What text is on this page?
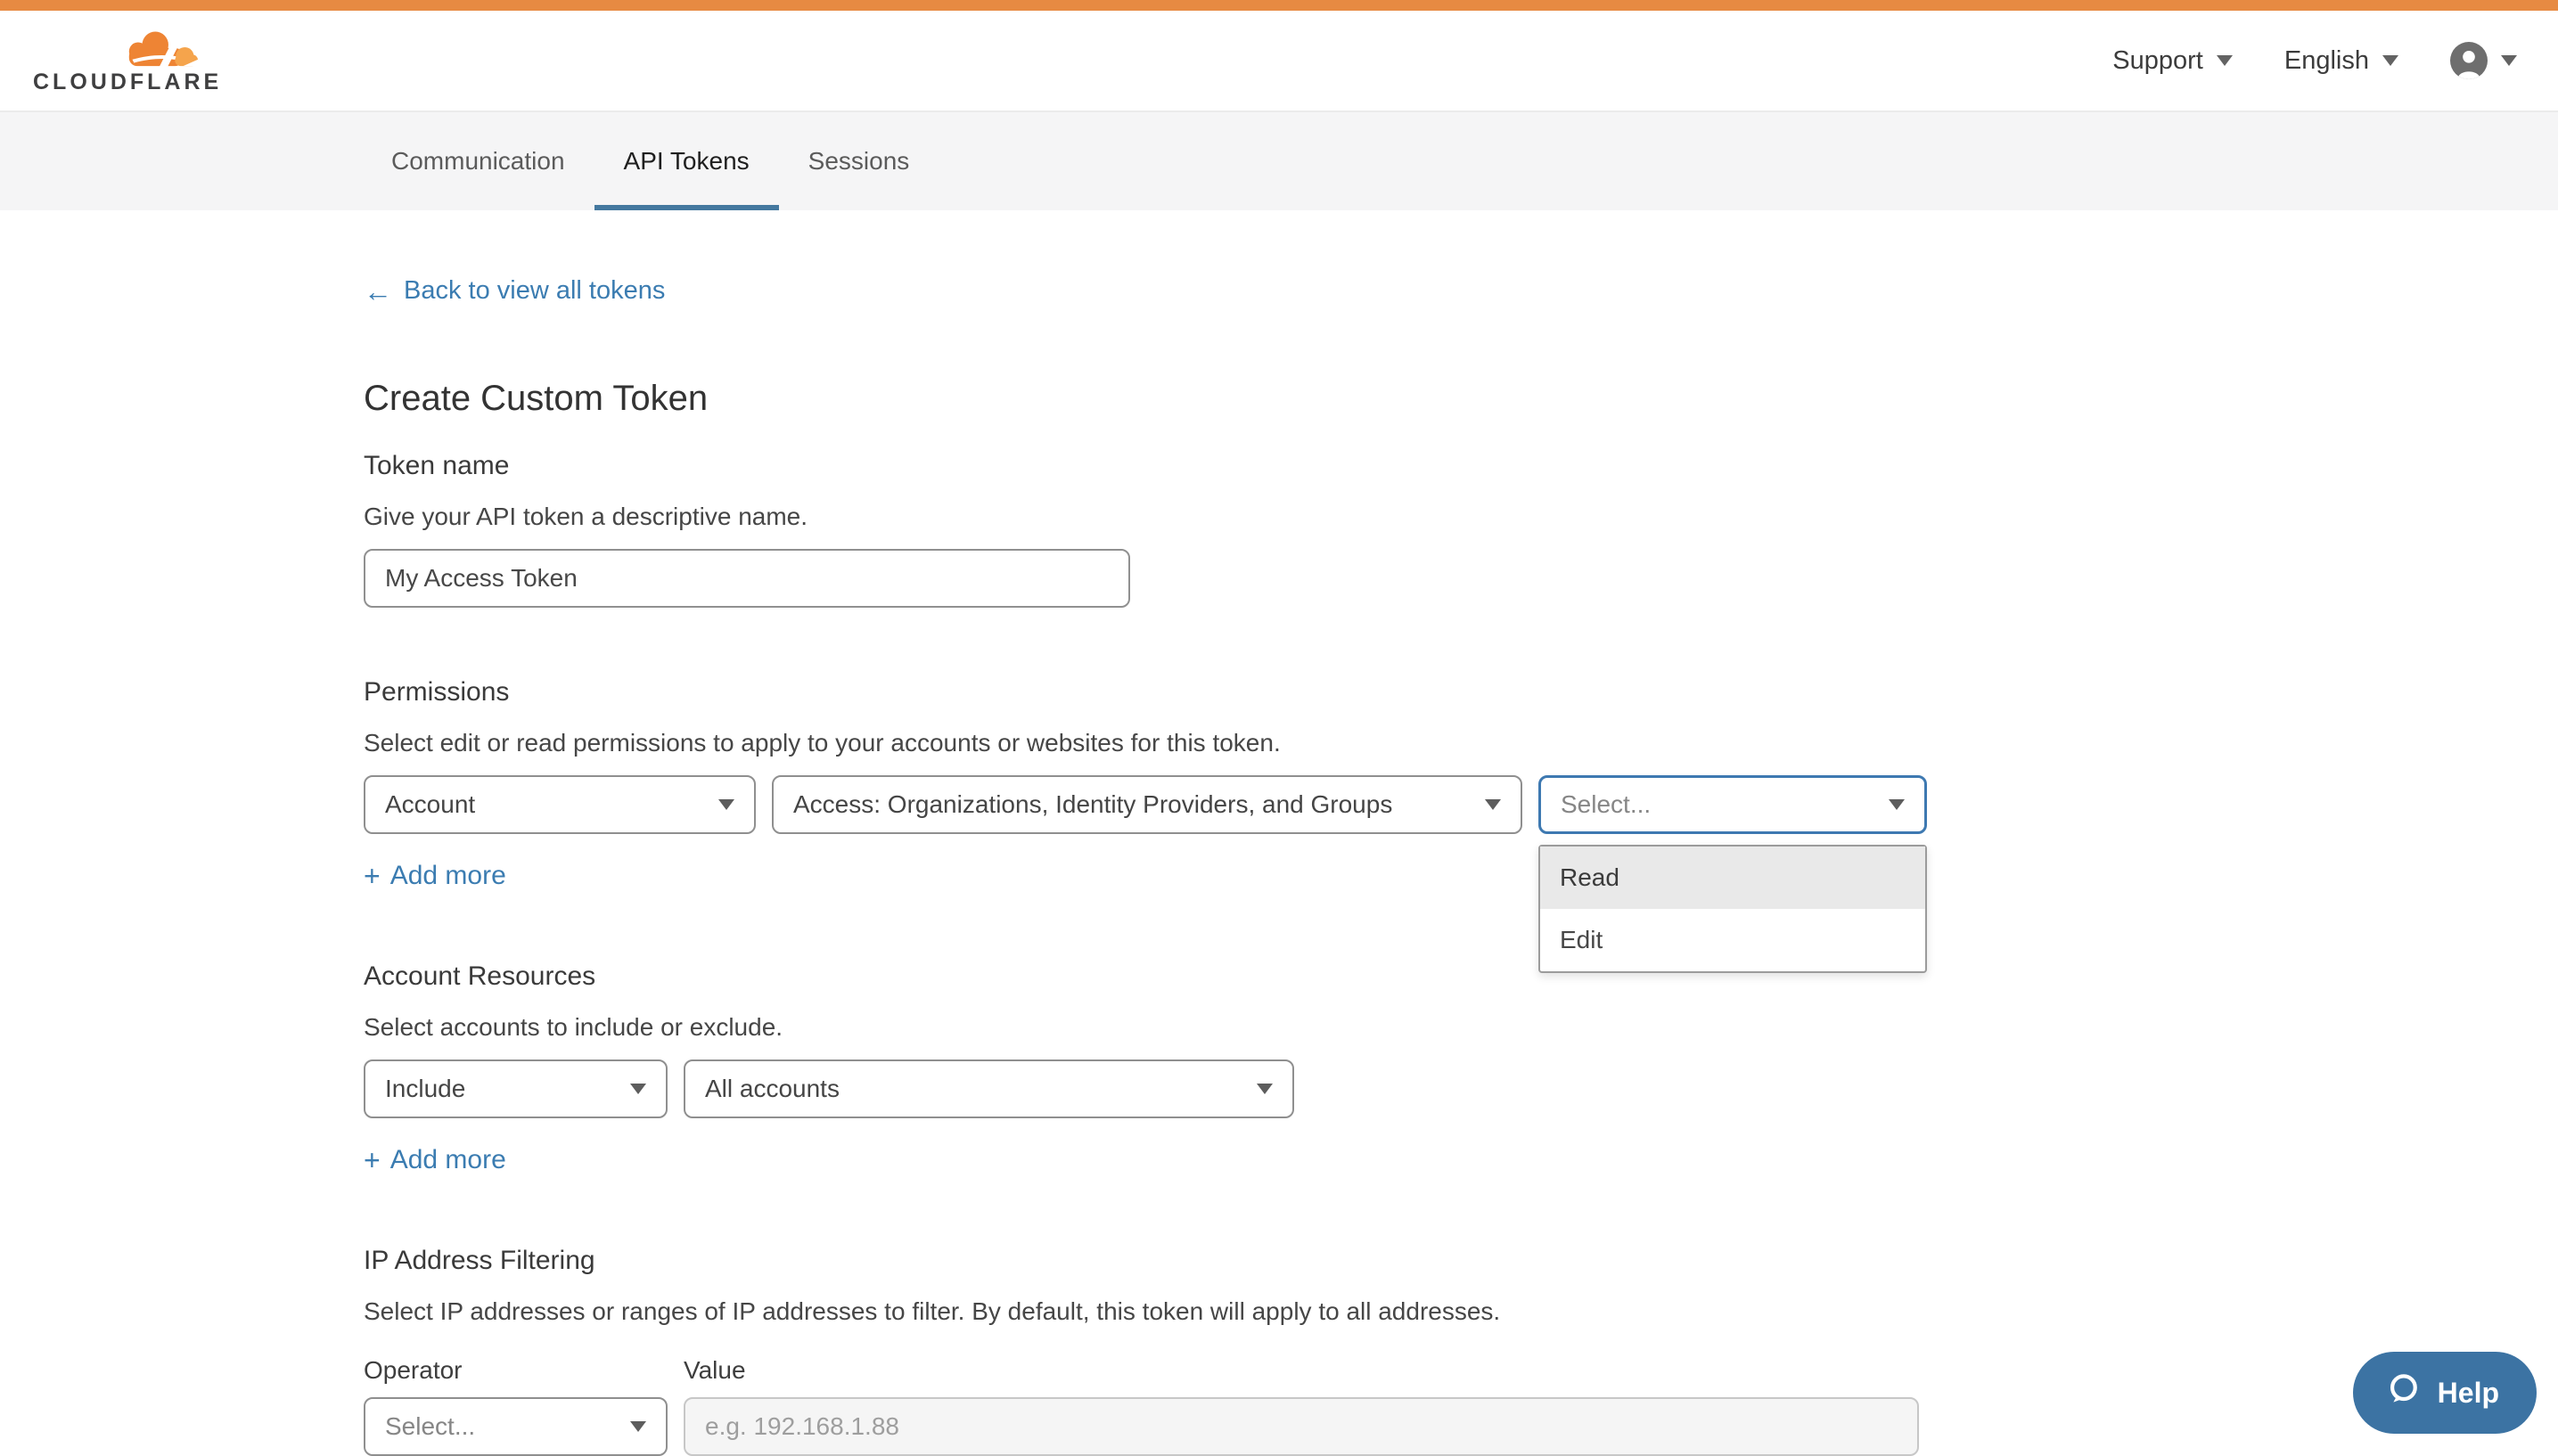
CLOUDFLARE
Support	English
Communication API Tokens Sessions
← Back to view all tokens
Create Custom Token
Token name

Give your API token a descriptive name.

My Access Token
Permissions

Select edit or read permissions to apply to your accounts or websites for this token.

Account	Access: Organizations, Identity Providers, and Groups	Select...
Read
Edit
+ Add more
Account Resources

Select accounts to include or exclude.

Include	All accounts
+ Add more
IP Address Filtering

Select IP addresses or ranges of IP addresses to filter. By default, this token will apply to all addresses.

Operator	Value
Select...
e.g. 192.168.1.88
Help
